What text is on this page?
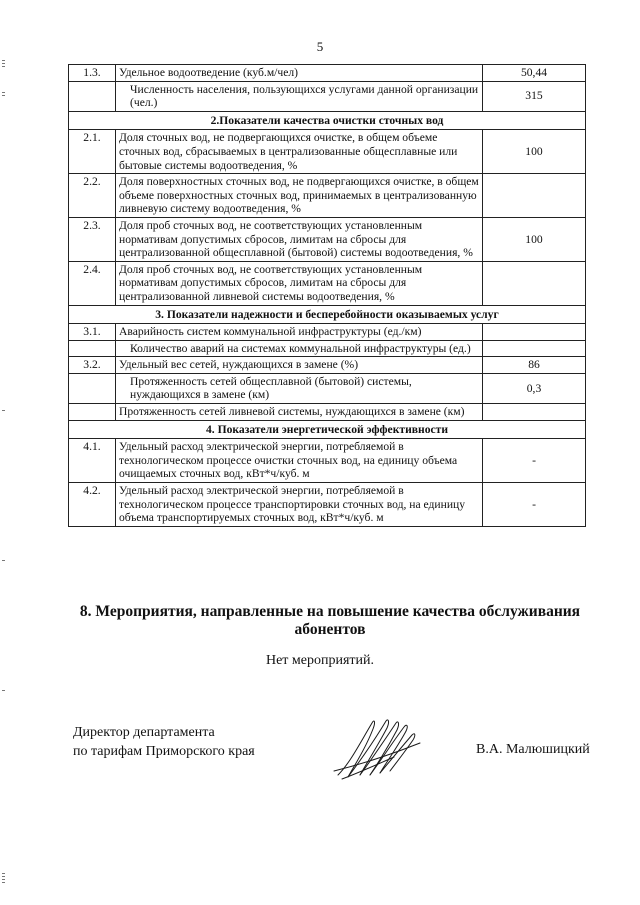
5
1.3.	Удельное водоотведение (куб.м/чел)	50,44
	Численность населения, пользующихся услугами данной организации (чел.)	315
2.Показатели качества очистки сточных вод		
2.1.	Доля сточных вод, не подвергающихся очистке, в общем объеме сточных вод, сбрасываемых в централизованные общесплавные или бытовые системы водоотведения, %	100
2.2.	Доля поверхностных сточных вод, не подвергающихся очистке, в общем объеме поверхностных сточных вод, принимаемых в централизованную ливневую систему водоотведения, %	
2.3.	Доля проб сточных вод, не соответствующих установленным нормативам допустимых сбросов, лимитам на сбросы для централизованной общесплавной (бытовой) системы водоотведения, %	100
2.4.	Доля проб сточных вод, не соответствующих установленным нормативам допустимых сбросов, лимитам на сбросы для централизованной ливневой системы водоотведения, %	
3. Показатели надежности и бесперебойности оказываемых услуг		
3.1.	Аварийность систем коммунальной инфраструктуры (ед./км)	
	Количество аварий на системах коммунальной инфраструктуры (ед.)	
3.2.	Удельный вес сетей, нуждающихся в замене (%)	86
	Протяженность сетей общесплавной (бытовой) системы, нуждающихся в замене (км)	0,3
	Протяженность сетей ливневой системы, нуждающихся в замене (км)	
4. Показатели энергетической эффективности		
4.1.	Удельный расход электрической энергии, потребляемой в технологическом процессе очистки сточных вод, на единицу объема очищаемых сточных вод, кВт*ч/куб. м	-
4.2.	Удельный расход электрической энергии, потребляемой в технологическом процессе транспортировки сточных вод, на единицу объема транспортируемых сточных вод, кВт*ч/куб. м	-
8. Мероприятия, направленные на повышение качества обслуживания абонентов
Нет мероприятий.
Директор департамента
по тарифам Приморского края	В.А. Малюшицкий
